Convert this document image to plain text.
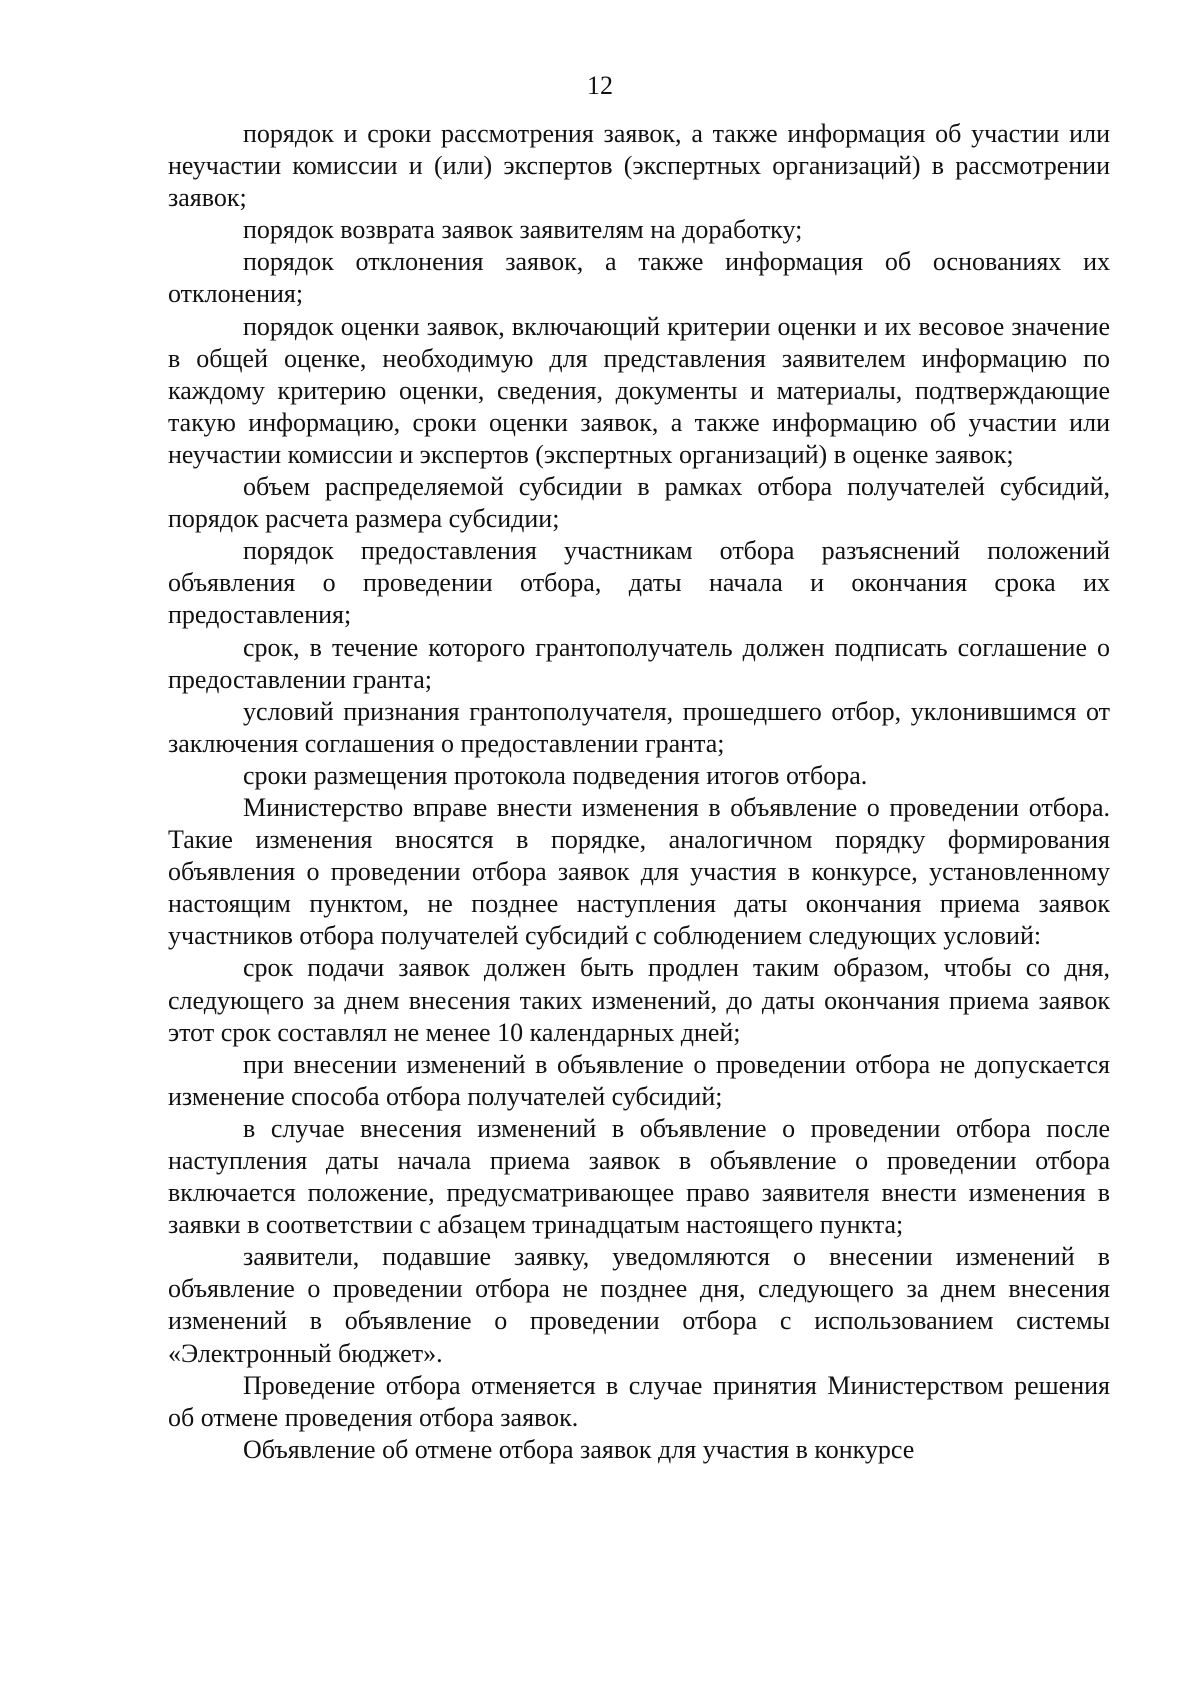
12

порядок и сроки рассмотрения заявок, а также информация об участии или неучастии комиссии и (или) экспертов (экспертных организаций) в рассмотрении заявок;

порядок возврата заявок заявителям на доработку;

порядок отклонения заявок, а также информация об основаниях их отклонения;

порядок оценки заявок, включающий критерии оценки и их весовое значение в общей оценке, необходимую для представления заявителем информацию по каждому критерию оценки, сведения, документы и материалы, подтверждающие такую информацию, сроки оценки заявок, а также информацию об участии или неучастии комиссии и экспертов (экспертных организаций) в оценке заявок;

объем распределяемой субсидии в рамках отбора получателей субсидий, порядок расчета размера субсидии;

порядок предоставления участникам отбора разъяснений положений объявления о проведении отбора, даты начала и окончания срока их предоставления;

срок, в течение которого грантополучатель должен подписать соглашение о предоставлении гранта;

условий признания грантополучателя, прошедшего отбор, уклонившимся от заключения соглашения о предоставлении гранта;

сроки размещения протокола подведения итогов отбора.

Министерство вправе внести изменения в объявление о проведении отбора. Такие изменения вносятся в порядке, аналогичном порядку формирования объявления о проведении отбора заявок для участия в конкурсе, установленному настоящим пунктом, не позднее наступления даты окончания приема заявок участников отбора получателей субсидий с соблюдением следующих условий:

срок подачи заявок должен быть продлен таким образом, чтобы со дня, следующего за днем внесения таких изменений, до даты окончания приема заявок этот срок составлял не менее 10 календарных дней;

при внесении изменений в объявление о проведении отбора не допускается изменение способа отбора получателей субсидий;

в случае внесения изменений в объявление о проведении отбора после наступления даты начала приема заявок в объявление о проведении отбора включается положение, предусматривающее право заявителя внести изменения в заявки в соответствии с абзацем тринадцатым настоящего пункта;

заявители, подавшие заявку, уведомляются о внесении изменений в объявление о проведении отбора не позднее дня, следующего за днем внесения изменений в объявление о проведении отбора с использованием системы «Электронный бюджет».

Проведение отбора отменяется в случае принятия Министерством решения об отмене проведения отбора заявок.

Объявление об отмене отбора заявок для участия в конкурсе
